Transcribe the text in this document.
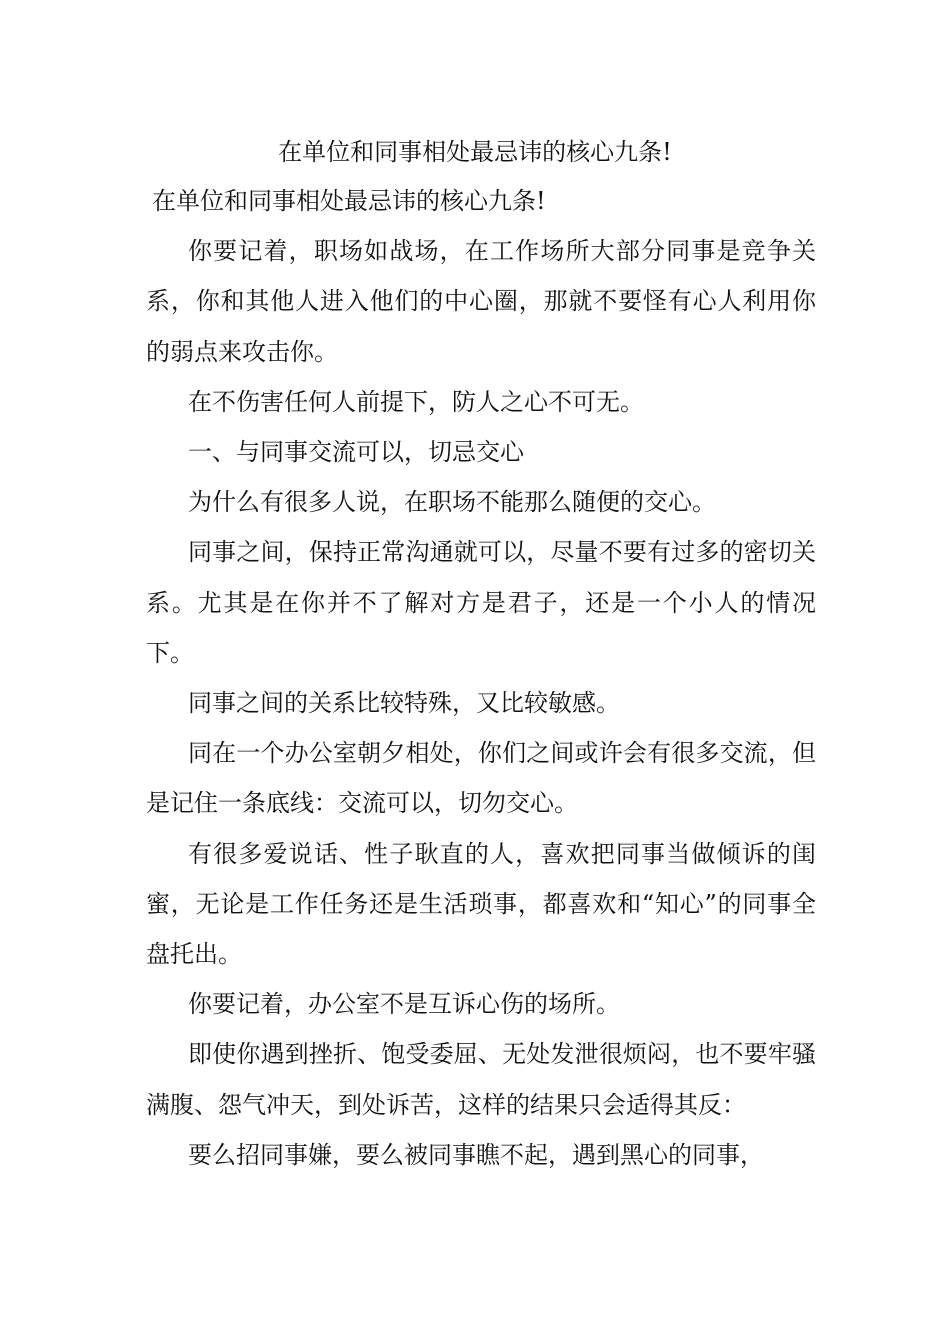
在单位和同事相处最忌讳的核心九条!

在单位和同事相处最忌讳的核心九条!

你要记着，职场如战场，在工作场所大部分同事是竞争关系，你和其他人进入他们的中心圈，那就不要怪有心人利用你的弱点来攻击你。

在不伤害任何人前提下，防人之心不可无。

一、与同事交流可以，切忌交心

为什么有很多人说，在职场不能那么随便的交心。

同事之间，保持正常沟通就可以，尽量不要有过多的密切关系。尤其是在你并不了解对方是君子，还是一个小人的情况下。

同事之间的关系比较特殊，又比较敏感。

同在一个办公室朝夕相处，你们之间或许会有很多交流，但是记住一条底线：交流可以，切勿交心。

有很多爱说话、性子耿直的人，喜欢把同事当做倾诉的闺蜜，无论是工作任务还是生活琐事，都喜欢和“知心”的同事全盘托出。

你要记着，办公室不是互诉心伤的场所。

即使你遇到挫折、饱受委屈、无处发泄很烦闷，也不要牢骚满腹、怨气冲天，到处诉苦，这样的结果只会适得其反：

要么招同事嫌，要么被同事瞧不起，遇到黑心的同事，
